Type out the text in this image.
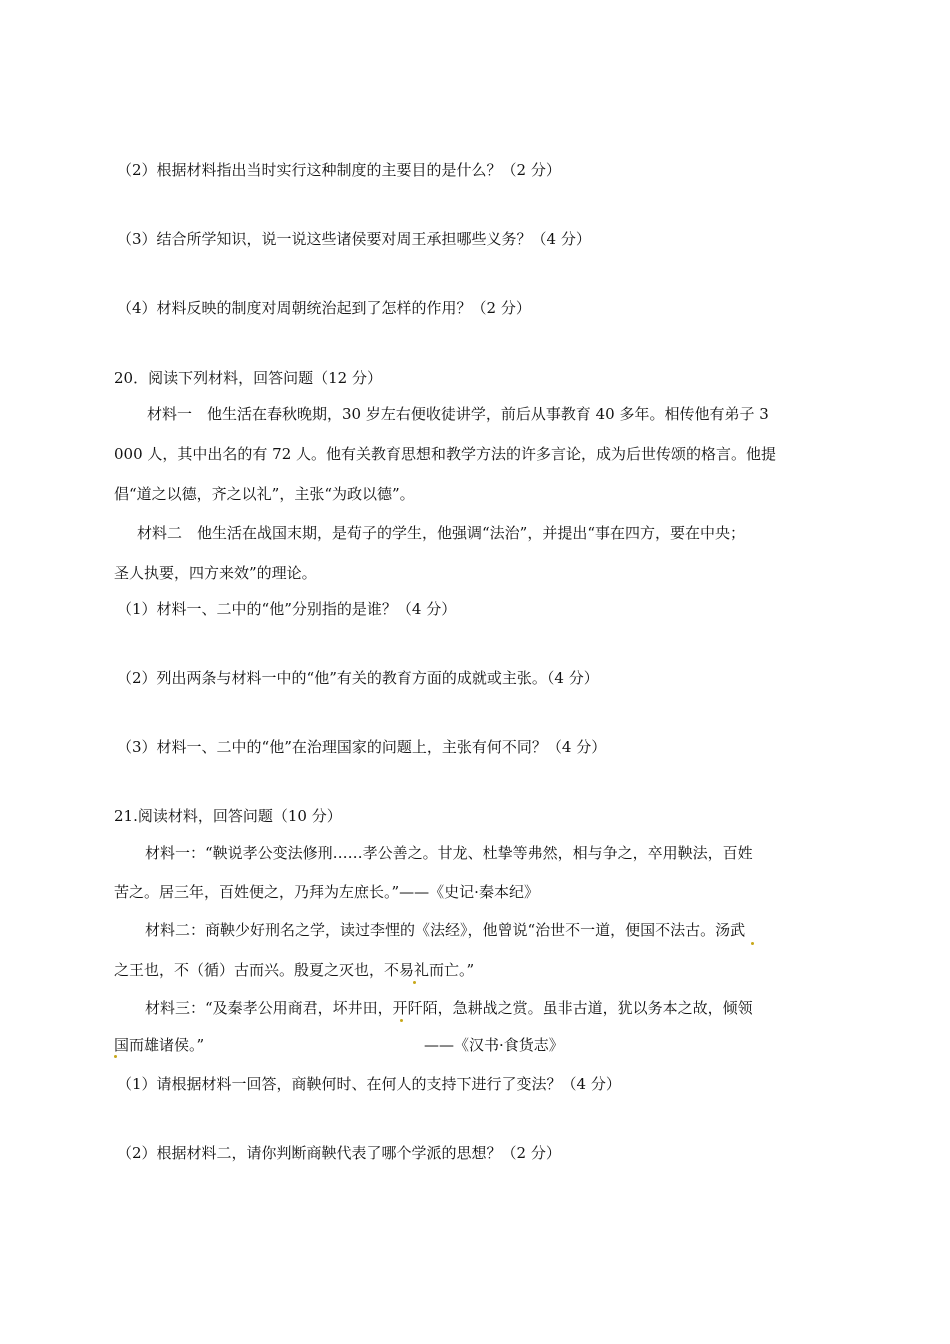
（2）根据材料指出当时实行这种制度的主要目的是什么？（2 分）
（3）结合所学知识，说一说这些诸侯要对周王承担哪些义务？（4 分）
（4）材料反映的制度对周朝统治起到了怎样的作用？（2 分）
20．阅读下列材料，回答问题（12 分）
材料一　他生活在春秋晚期，30 岁左右便收徒讲学，前后从事教育 40 多年。相传他有弟子 3
000 人，其中出名的有 72 人。他有关教育思想和教学方法的许多言论，成为后世传颂的格言。他提
倡“道之以德，齐之以礼”，主张“为政以德”。
材料二　他生活在战国末期，是荀子的学生，他强调“法治”，并提出“事在四方，要在中央；
圣人执要，四方来效”的理论。
（1）材料一、二中的“他”分别指的是谁？（4 分）
（2）列出两条与材料一中的“他”有关的教育方面的成就或主张。（4 分）
（3）材料一、二中的“他”在治理国家的问题上，主张有何不同？（4 分）
21.阅读材料，回答问题（10 分）
材料一：“鞅说孝公变法修刑……孝公善之。甘龙、杜挚等弗然，相与争之，卒用鞅法，百姓
苦之。居三年，百姓便之，乃拜为左庶长。”——《史记·秦本纪》
材料二：商鞅少好刑名之学，读过李悝的《法经》，他曾说“治世不一道，便国不法古。汤武
之王也，不（循）古而兴。殷夏之灭也，不易礼而亡。”
材料三：“及秦孝公用商君，坏井田，开阡陌，急耕战之赏。虽非古道，犹以务本之故，倾领
国而雄诸侯。”	——《汉书·食货志》
（1）请根据材料一回答，商鞅何时、在何人的支持下进行了变法？（4 分）
（2）根据材料二，请你判断商鞅代表了哪个学派的思想？（2 分）
